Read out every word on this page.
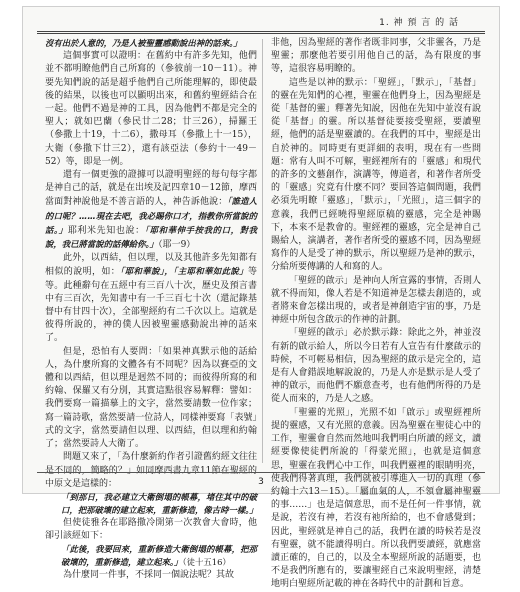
1. 神 預 言 的 話

沒有出於人意的，乃是人被聖靈感動說出神的話來。」

這個事實可以證明：在舊約中有許多先知，他們並不都明瞭他們自己所寫的（參彼前一10－11）。神要先知們說的話是超乎他們自己所能理解的，即使最後的結果，以後也可以顯明出來，和舊約聖經結合在一起。他們不過是神的工具，因為他們不都是完全的聖人；就如巴蘭（參民廿二28；廿三26），掃羅王（參撒上十19，十二6），撒母耳（參撒上十一15），大衛（參撒下廿三2），還有該亞法（參約十一49－52）等，即是一例。

還有一個更強的證據可以證明聖經的每句每字都是神自己的話，就是在出埃及記四章10－12節，摩西當面對神說他是不善言語的人，神告訴他說：「誰造人的口呢？……現在去吧，我必賜你口才，指教你所當說的話。」耶利米先知也說：「耶和華伸手按我的口，對我說，我已將當說的話傳給你。」（耶一9）

此外，以西結，但以理，以及其他許多先知都有相似的說明，如：「耶和華說」，「主耶和華如此說」等等。此種辭句在五經中有三百八十次，歷史及預言書中有三百次，先知書中有一千三百七十次（還記錄基督中有甘四十次），全部聖經約有二千次以上。這就是彼得所說的，神的僕人因被聖靈感動說出神的話來了。

但是，恐怕有人要問：「如果神真默示他的話給人，為什麼所寫的文體各有不同呢？因為以賽亞的文體和以西結，但以理是迥然不同的；而彼得所寫的和約翰、保羅又有分別，其實這點很容易解釋：譬如：我們要寫一篇描摹上的文字，當然要請數一位作家；寫一篇詩歌，當然要請一位詩人，同樣神要寫「表號」式的文字，當然要請但以理、以西結，但以理和約翰了；當然要詩人大衛了。

問題又來了，「為什麼新約作者引證舊約經文往往是不同的，簡略的？」如同摩西書九章11節在聖經的中原文是這樣的：

「到那日，我必建立大衛倒塌的帳幕，堵住其中的破口，把那破壞的建立起來，重新修造，像古時一樣。」

但使徒雅各在耶路撒冷開第一次教會大會時，他卻引該經如下：

「此後，我要回來，重新修造大衛倒塌的帳幕，把那破壞的，重新修造，建立起來。」（徒十五16）

為什麼同一件事，不採同一個說法呢？其故

非他，因為聖經的著作者既非同事，父非靈各，乃是聖靈；那麼他若要引用他自己的話，為有限度的事等，這很容易明瞭的。

這些是以神的默示：「聖經」，「默示」，「基督」的靈在先知們的心裡，聖靈在他們身上，因為聖經是從「基督的靈」釋著先知說，因他在先知中並沒有說從「基督」的靈。所以基督徒要接受聖經，要讀聖經，他們的話是聖靈讀的。在我們的耳中，聖經是出自於神的。同時更有更詳細的表明，現在有一些問題：常有人叫不可解，聖經裡所有的「靈感」和現代的許多的文藝創作，演講等，傳道者，和著作者所受的「靈感」究竟有什麼不同？要回答這個問題，我們必須先明瞭「靈感」，「默示」，「光照」，這三個字的意義，我們已經曉得聖經原稿的靈感，完全是神賜下，本來不是教會的。聖經裡的靈感，完全是神自己賜給人，演講者，著作者所受的靈感不同，因為聖經寫作的人是受了神的默示，所以聖經乃是神的默示，分給所要傳講的人和寫的人。

「聖經的啟示」是神向人所宣露的事情，否則人就不得而知，像人若是不知道神是怎樣去創造的，或者將來會怎樣出現的，或者是神創造宇宙的事，乃是神經中所包含啟示的作神的計劃。

「聖經的啟示」必於默示錄：除此之外，神並沒有新的啟示給人，所以今日若有人宣告有什麼啟示的時候，不可輕易相信，因為聖經的啟示是完全的，這是有人會錯誤地解說說的，乃是人亦是默示是人受了神的啟示，而他們不願意查考，也有他們所得的乃是從人而來的，乃是人之感。

「聖靈的光照」，光照不如「啟示」或聖經裡所提的靈感，又有光照的意義。因為聖靈在聖徒心中的工作，聖靈會自然而然地叫我們明白所讀的經文，讀經要像使徒們所說的「得蒙光照」，也就是這個意思，聖靈在我們心中工作，叫我們靈裡的眼睛明亮，使我們得著真理，我們就被引導進入一切的真理（參約翰十六13－15）。「屬血氣的人，不領會屬神聖靈的事……」也是這個意思，而不是任何一件事情，就是說，若沒有神，若沒有祂所給的，也不會感覺到；因此，聖經就是神自己的話，我們在讀的時候若是沒有聖靈，就不能讀得明白。所以我們要讀經，就應當讀正確的，自己的，以及全本聖經所說的話題要，也不是我們所應有的，要讓聖經自己來說明聖經，清楚地明白聖經所記載的神在各時代中的計劃和旨意。

3
